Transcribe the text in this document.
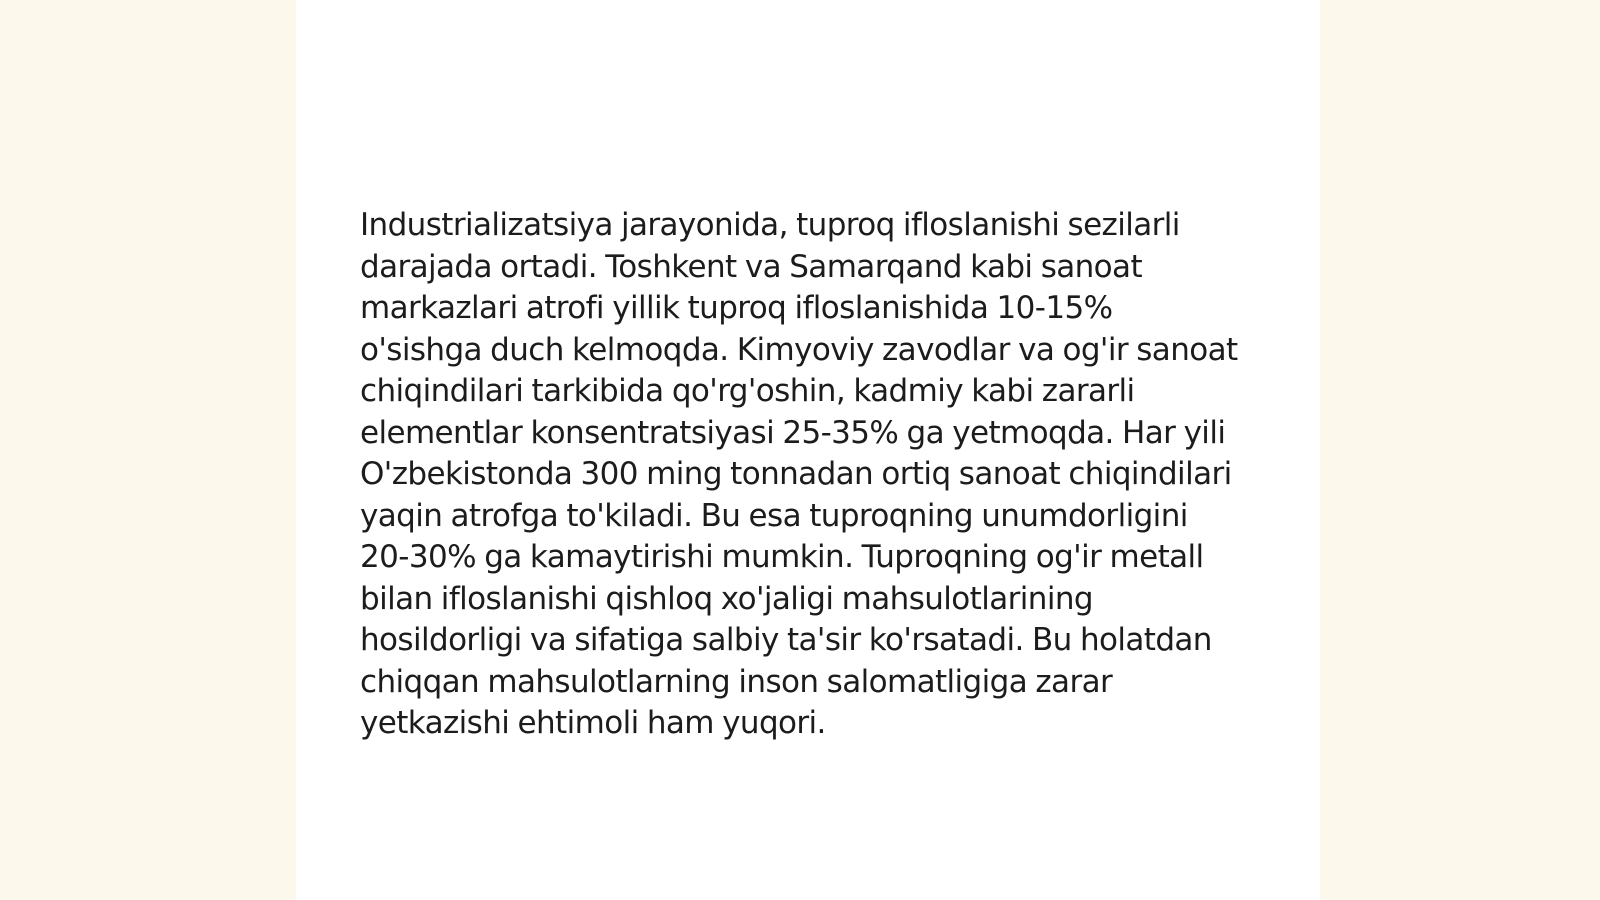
Industrializatsiya jarayonida, tuproq ifloslanishi sezilarli darajada ortadi. Toshkent va Samarqand kabi sanoat markazlari atrofi yillik tuproq ifloslanishida 10-15% o'sishga duch kelmoqda. Kimyoviy zavodlar va og'ir sanoat chiqindilari tarkibida qo'rg'oshin, kadmiy kabi zararli elementlar konsentratsiyasi 25-35% ga yetmoqda. Har yili O'zbekistonda 300 ming tonnadan ortiq sanoat chiqindilari yaqin atrofga to'kiladi. Bu esa tuproqning unumdorligini 20-30% ga kamaytirishi mumkin. Tuproqning og'ir metall bilan ifloslanishi qishloq xo'jaligi mahsulotlarining hosildorligi va sifatiga salbiy ta'sir ko'rsatadi. Bu holatdan chiqqan mahsulotlarning inson salomatligiga zarar yetkazishi ehtimoli ham yuqori.
